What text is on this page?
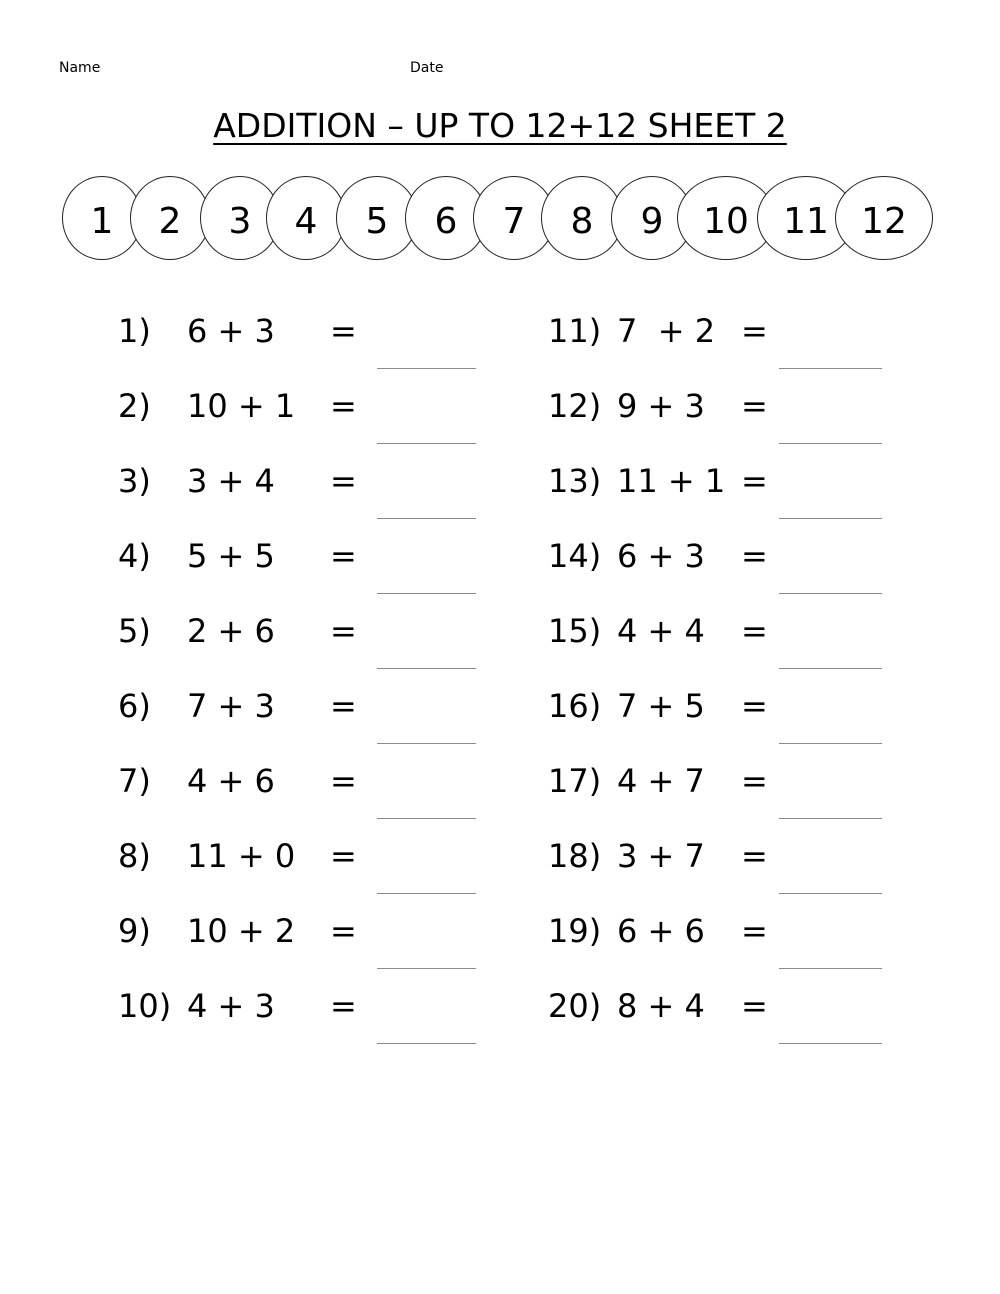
Name	Date
ADDITION – UP TO 12+12 SHEET 2
1	2	3	4	5	6	7	8	9	10 11 12
1) 6 + 3 =
2) 10 + 1 =
3) 3 + 4 =
4) 5 + 5 =
5) 2 + 6 =
6) 7 + 3 =
7) 4 + 6 =
8) 11 + 0 =
9) 10 + 2 =
10) 4 + 3 =
11) 7  + 2 =
12) 9 + 3 =
13) 11 + 1 =
14) 6 + 3 =
15) 4 + 4 =
16) 7 + 5 =
17) 4 + 7 =
18) 3 + 7 =
19) 6 + 6 =
20) 8 + 4 =
